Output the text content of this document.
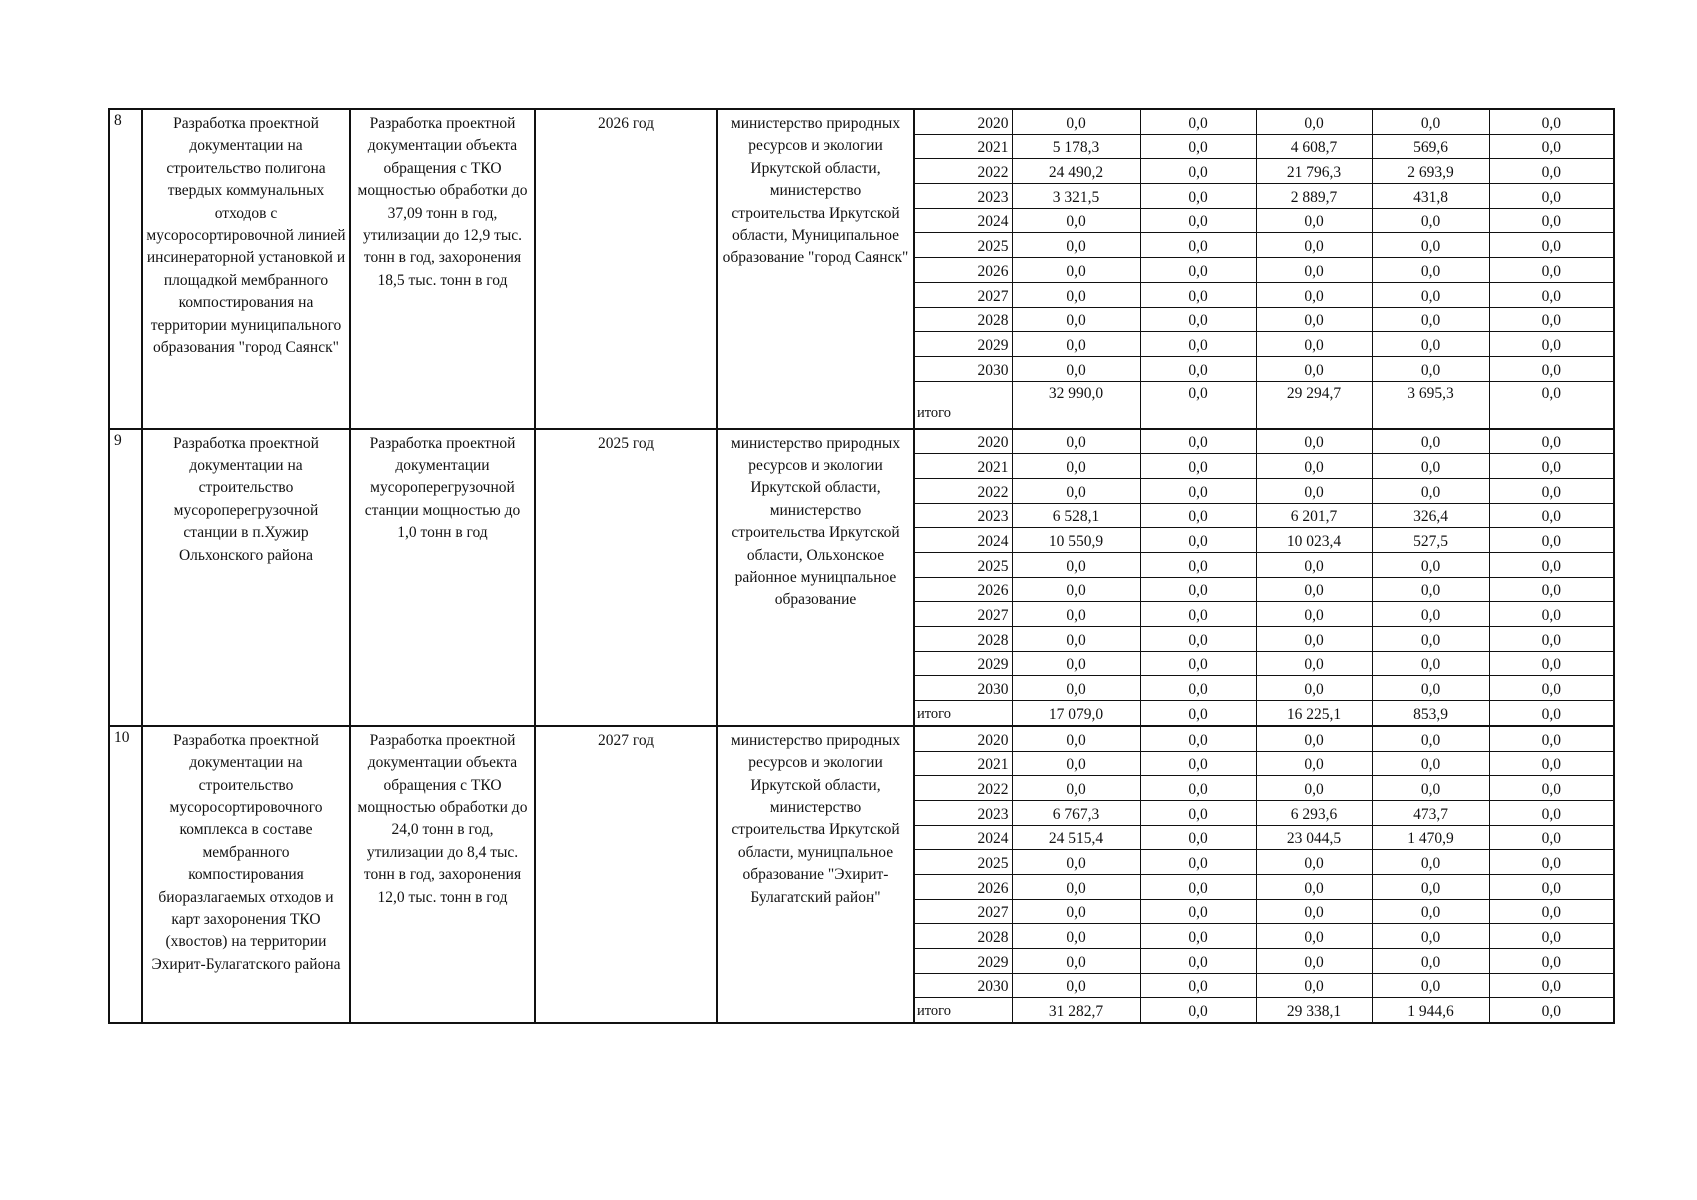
8	Разработка проектной документации на строительство полигона твердых коммунальных отходов с мусоросортировочной линией инсинераторной установкой и площадкой мембранного компостирования на территории муниципального образования "город Саянск"	Разработка проектной документации объекта обращения с ТКО мощностью обработки до 37,09 тонн в год, утилизации до 12,9 тыс. тонн в год, захоронения 18,5 тыс. тонн в год	2026 год	министерство природных ресурсов и экологии Иркутской области, министерство строительства Иркутской области, Муниципальное образование "город Саянск"	
2020	0,0	0,0	0,0	0,0	0,0
2021	5 178,3	0,0	4 608,7	569,6	0,0
2022	24 490,2	0,0	21 796,3	2 693,9	0,0
2023	3 321,5	0,0	2 889,7	431,8	0,0
2024	0,0	0,0	0,0	0,0	0,0
2025	0,0	0,0	0,0	0,0	0,0
2026	0,0	0,0	0,0	0,0	0,0
2027	0,0	0,0	0,0	0,0	0,0
2028	0,0	0,0	0,0	0,0	0,0
2029	0,0	0,0	0,0	0,0	0,0
2030	0,0	0,0	0,0	0,0	0,0
итого	32 990,0	0,0	29 294,7	3 695,3	0,0

9	Разработка проектной документации на строительство мусороперегрузочной станции в п.Хужир Ольхонского района	Разработка проектной документации мусороперегрузочной станции мощностью до 1,0 тонн в год	2025 год	министерство природных ресурсов и экологии Иркутской области, министерство строительства Иркутской области, Ольхонское районное муницпальное образование	
2020	0,0	0,0	0,0	0,0	0,0
2021	0,0	0,0	0,0	0,0	0,0
2022	0,0	0,0	0,0	0,0	0,0
2023	6 528,1	0,0	6 201,7	326,4	0,0
2024	10 550,9	0,0	10 023,4	527,5	0,0
2025	0,0	0,0	0,0	0,0	0,0
2026	0,0	0,0	0,0	0,0	0,0
2027	0,0	0,0	0,0	0,0	0,0
2028	0,0	0,0	0,0	0,0	0,0
2029	0,0	0,0	0,0	0,0	0,0
2030	0,0	0,0	0,0	0,0	0,0
итого	17 079,0	0,0	16 225,1	853,9	0,0

10	Разработка проектной документации на строительство мусоросортировочного комплекса в составе мембранного компостирования биоразлагаемых отходов и карт захоронения ТКО (хвостов) на территории Эхирит-Булагатского района	Разработка проектной документации объекта обращения с ТКО мощностью обработки до 24,0 тонн в год, утилизации до 8,4 тыс. тонн в год, захоронения 12,0 тыс. тонн в год	2027 год	министерство природных ресурсов и экологии Иркутской области, министерство строительства Иркутской области, муницпальное образование "Эхирит-Булагатский район"	
2020	0,0	0,0	0,0	0,0	0,0
2021	0,0	0,0	0,0	0,0	0,0
2022	0,0	0,0	0,0	0,0	0,0
2023	6 767,3	0,0	6 293,6	473,7	0,0
2024	24 515,4	0,0	23 044,5	1 470,9	0,0
2025	0,0	0,0	0,0	0,0	0,0
2026	0,0	0,0	0,0	0,0	0,0
2027	0,0	0,0	0,0	0,0	0,0
2028	0,0	0,0	0,0	0,0	0,0
2029	0,0	0,0	0,0	0,0	0,0
2030	0,0	0,0	0,0	0,0	0,0
итого	31 282,7	0,0	29 338,1	1 944,6	0,0
